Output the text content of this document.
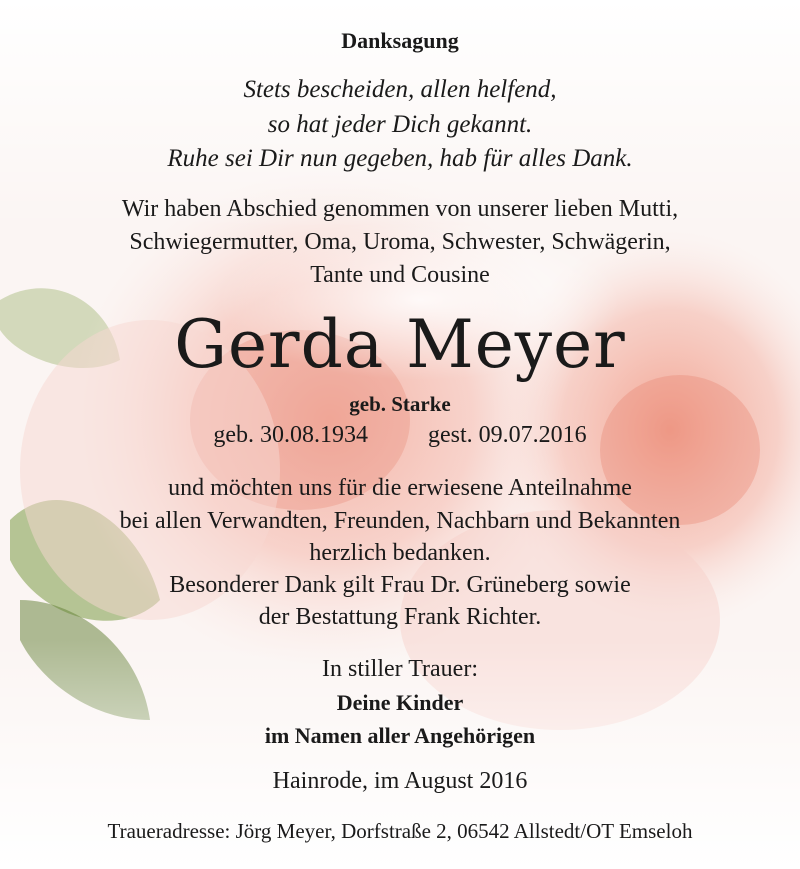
Danksagung
Stets bescheiden, allen helfend,
so hat jeder Dich gekannt.
Ruhe sei Dir nun gegeben, hab für alles Dank.
Wir haben Abschied genommen von unserer lieben Mutti,
Schwiegermutter, Oma, Uroma, Schwester, Schwägerin,
Tante und Cousine
Gerda Meyer
geb. Starke
geb. 30.08.1934	gest. 09.07.2016
und möchten uns für die erwiesene Anteilnahme
bei allen Verwandten, Freunden, Nachbarn und Bekannten
herzlich bedanken.
Besonderer Dank gilt Frau Dr. Grüneberg sowie
der Bestattung Frank Richter.
In stiller Trauer:
Deine Kinder
im Namen aller Angehörigen
Hainrode, im August 2016
Traueradresse: Jörg Meyer, Dorfstraße 2, 06542 Allstedt/OT Emseloh
